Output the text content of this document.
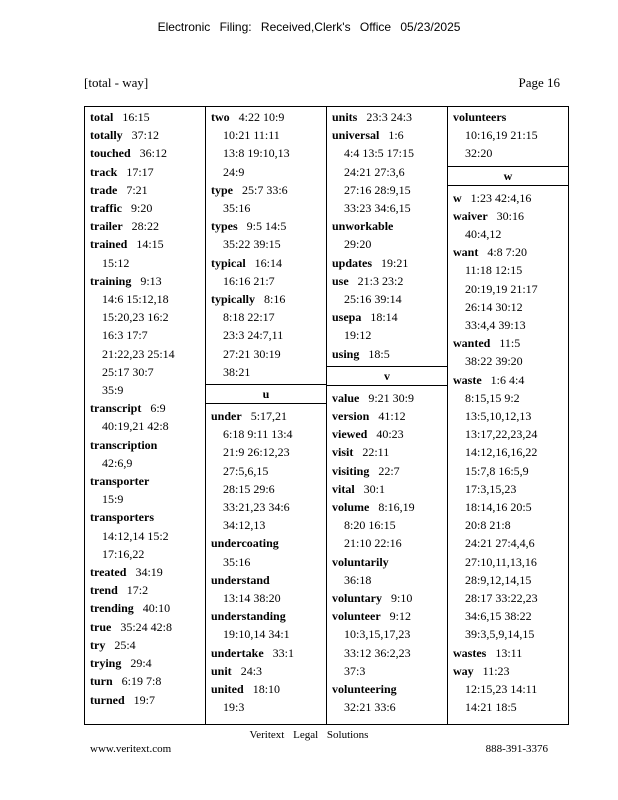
Electronic Filing: Received,Clerk's Office 05/23/2025
[total - way]	Page 16
total 16:15
totally 37:12
touched 36:12
track 17:17
trade 7:21
traffic 9:20
trailer 28:22
trained 14:15
15:12
training 9:13
14:6 15:12,18
15:20,23 16:2
16:3 17:7
21:22,23 25:14
25:17 30:7
35:9
transcript 6:9
40:19,21 42:8
transcription
42:6,9
transporter
15:9
transporters
14:12,14 15:2
17:16,22
treated 34:19
trend 17:2
trending 40:10
true 35:24 42:8
try 25:4
trying 29:4
turn 6:19 7:8
turned 19:7
two 4:22 10:9
10:21 11:11
13:8 19:10,13
24:9
type 25:7 33:6
35:16
types 9:5 14:5
35:22 39:15
typical 16:14
16:16 21:7
typically 8:16
8:18 22:17
23:3 24:7,11
27:21 30:19
38:21
u
under 5:17,21
6:18 9:11 13:4
21:9 26:12,23
27:5,6,15
28:15 29:6
33:21,23 34:6
34:12,13
undercoating
35:16
understand
13:14 38:20
understanding
19:10,14 34:1
undertake 33:1
unit 24:3
united 18:10
19:3
units 23:3 24:3
universal 1:6
4:4 13:5 17:15
24:21 27:3,6
27:16 28:9,15
33:23 34:6,15
unworkable
29:20
updates 19:21
use 21:3 23:2
25:16 39:14
usepa 18:14
19:12
using 18:5
v
value 9:21 30:9
version 41:12
viewed 40:23
visit 22:11
visiting 22:7
vital 30:1
volume 8:16,19
8:20 16:15
21:10 22:16
voluntarily
36:18
voluntary 9:10
volunteer 9:12
10:3,15,17,23
33:12 36:2,23
37:3
volunteering
32:21 33:6
volunteers
10:16,19 21:15
32:20
w
w 1:23 42:4,16
waiver 30:16
40:4,12
want 4:8 7:20
11:18 12:15
20:19,19 21:17
26:14 30:12
33:4,4 39:13
wanted 11:5
38:22 39:20
waste 1:6 4:4
8:15,15 9:2
13:5,10,12,13
13:17,22,23,24
14:12,16,16,22
15:7,8 16:5,9
17:3,15,23
18:14,16 20:5
20:8 21:8
24:21 27:4,4,6
27:10,11,13,16
28:9,12,14,15
28:17 33:22,23
34:6,15 38:22
39:3,5,9,14,15
wastes 13:11
way 11:23
12:15,23 14:11
14:21 18:5
Veritext Legal Solutions
www.veritext.com	888-391-3376
